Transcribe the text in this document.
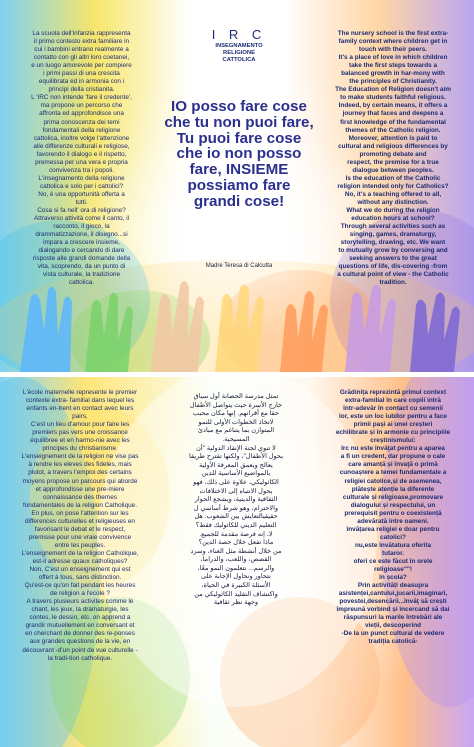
I R C
INSEGNAMENTO
RELIGIONE
CATTOLICA
IO posso fare cose che tu non puoi fare, Tu puoi fare cose che io non posso fare, INSIEME possiamo fare grandi cose!
Madre Teresa di Calcutta
La scuola dell'infanzia rappresenta
il primo contesto extra familiare in
cui i bambini entrano realmente a
contatto con gli altri loro coetanei,
e un luogo amorevole per compiere
i primi passi di una crescita
equilibrata ed in armonia con i
principi della cristianita.
L 'IRC non intende 'fare il credente',
ma propone un percorso che
affronta ed approfondisce una
prima conoscenza dei temi
fondamentali della religione
cattolica, inoltre volge l'attenzione
alle differenze culturali e religiose,
favorendo il dialogo e il rispetto,
premessa per una vera e propria
convivenza tra i popoli.
L'insegnamento della religione
cattolica e solo per i cattolici?
No, è una opportunità offerta a
tutti.
Cosa si fa nell' ora di religione?
Attraverso attività come il canto, il
racconto, il gioco, la
drammatizzazione, il disegno...si
impara a crescere insieme,
dialogando e cercando di dare
risposte alle grandi domande della
vita, scoprendo, da un punto di
vista culturale, la tradizione
cattolica.
The nursery school is the first extra-
family context where children get in
touch with their peers.
It's a place of love in which children
take the first steps towards a
balanced growth in har-mony with
the principles of Christianity.
The Education of Religion doesn't aim
to make students faithful religious.
Indeed, by certain means, it offers a
journey that faces and deepens a
first knowledge of the fundamental
themes of the Catholic religion.
Moreover, attention is paid to
cultural and religious differences by
promoting debate and
respect, the premise for a true
dialogue between peoples.
Is the education of the Catholic
religion intended only for Catholics?
No, it's a teaching offered to all,
without any distinction.
What we do during the religion
education hours at school?
Through several activities such as
singing, games, dramaturgy,
storytelling, drawing, etc. We want
to mutually grow by conversing and
seeking answers to the great
questions of life, dis-covering -from
a cultural point of view - the Catholic
tradition.
L'école maternelle represente le premier
contexte extra- familial dans lequel les
enfants en-trent en contact avec leurs
pairs.
C'est un lieu d'amour pour faire les
premiers pas vers une croissance
équilibree et en harmo-nie avec les
principes du christianisme.
L'enseignement de la religion ne vise pas
à rendre les eleves des fideles, mais
plutot, a travers l'emploi des certains
moyens propose un parcours qui aborde
et approfondisse une pre-miere
connaissance des themes
fondamentales de la religion Catholique.
En plus, on pose l'attention sur les
differences culturelles et religieuses en
favorisant le debat et le respect,
premisse pour une vraie convivence
entre les peuples.
L'enseignement de la religion Catholique,
est-il adresse quaux catholiques?
Non, C'est un enseignement qui est
offert à tous, sans distinction.
Qu'est-ce qu'on fait pendant les heures
de religion a l'ecole ?
A travers plusieurs activites comme le
chant, les jeux, la dramaturgie, les
contes, le dessin, etc. on apprend a
grandir mutuellement en conversant et
en cherchant de donner des re-ponses
aux grandes questions de la vie, en
découvrant -d'un point de vue culturelle -
la tradi-tion catholique.
تمثل مدرسة الحضانة أول سياق
خارج الأسرة حيث يتواصل الأطفال
حقا مع أقرانهم. إنها مكان محبب
لاتخاذ الخطوات الأولى للنمو
المتوازن بما يتناغم مع مبادئ
المسيحية.
لا تنوي لجنة الإنقاذ الدولية "أن
يحول الأطفال"، ولكنها تقترح طريقا
يعالج ويعمق المعرفة الأولية
بالمواضيع الأساسية للدين
الكاثوليكي، علاوة على ذلك، فهو
يحول الانتباه إلى الاختلافات
الثقافية والدينية، ويشجع الحوار
والاحترام، وهو شرط أساسي ل
حقيقيالتعايش بين الشعوب. هل
التعليم الديني للكاثوليك فقط؟
لا، إنه فرصة مقدمة للجميع.
ماذا تفعل خلال حصة الدين؟
من خلال أنشطة مثل الغناء، وسرد
القصص، واللعب، والدراما،
والرسم... نتعلمون النمو معًا،
نتحاور ونحاول الإجابة على
الأسئلة الكبيرة في الحياة،
واكتشاف التقليد الكاثوليكي من
وجهة نظر ثقافية
Grădinița reprezintă primul context
extra-familial în care copiii intră
într-adevăr în contact cu semenii
lor, este un loc iubitor pentru a face
primii pași ai unei creșteri
echilibrate și în armonie cu principiile
creștinismului:
Irc nu este învăţat pentru a aparea
a fi un credent, dar propune o cale
care amanță și învaţă o primă
cunoaștere a temei fundamentale a
religiei catolice,și de asemenea,
plătește atenție la diferente
culturale și religioase,promovare
dialogului și respectului, un
prerequisit pentru o coexistență
adevărată între oameni.
învățarea religiei e doar pentru
catolici?
nu,este învătatura oferita
tutaror.
oferi ce este făcut în orele
religioase""!
în școla?
Prin activități deasupra
asistenței,cantului,jucarii,imaginari,
povestei,desencării...învăţ să crești
împreună vorbind și încercand să dai
răspunsuri la marile întrebări ale
vieții, descoperind
-De la un punct cultural de vedere
tradiția catolică-
